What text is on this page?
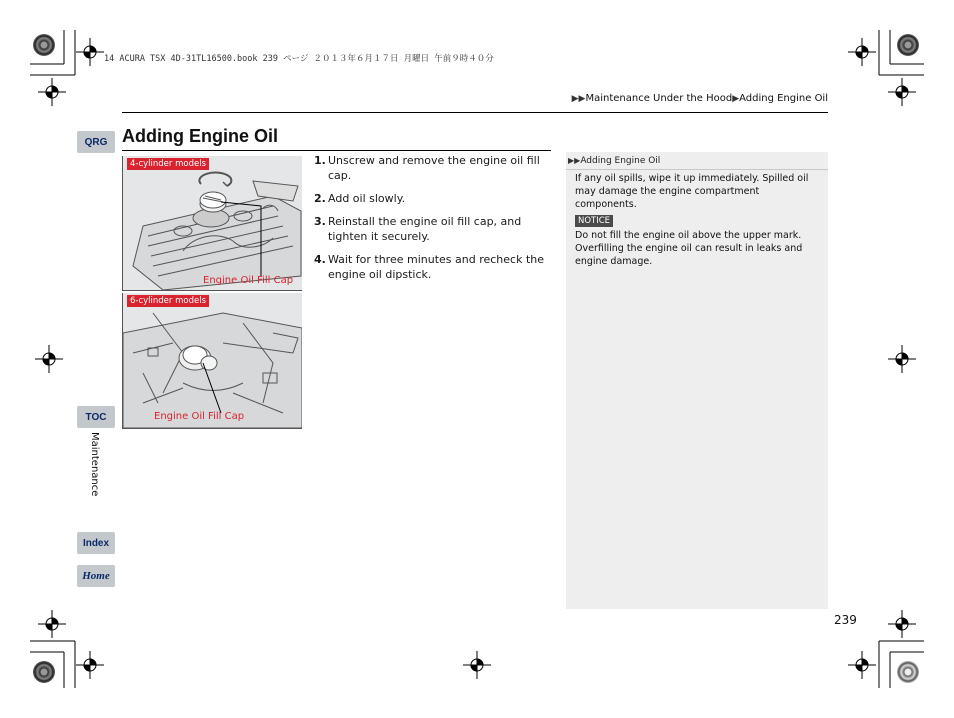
14 ACURA TSX 4D-31TL16500.book 239 ページ ２０１３年６月１７日 月曜日 午前９時４０分
▶▶Maintenance Under the Hood▶Adding Engine Oil
Adding Engine Oil
QRG
TOC
Maintenance
Index
Home
4-cylinder models
Engine Oil Fill Cap
6-cylinder models
Engine Oil Fill Cap
1. Unscrew and remove the engine oil fill cap.
2. Add oil slowly.
3. Reinstall the engine oil fill cap, and tighten it securely.
4. Wait for three minutes and recheck the engine oil dipstick.
▶▶Adding Engine Oil
If any oil spills, wipe it up immediately. Spilled oil may damage the engine compartment components.
NOTICE
Do not fill the engine oil above the upper mark. Overfilling the engine oil can result in leaks and engine damage.
239
